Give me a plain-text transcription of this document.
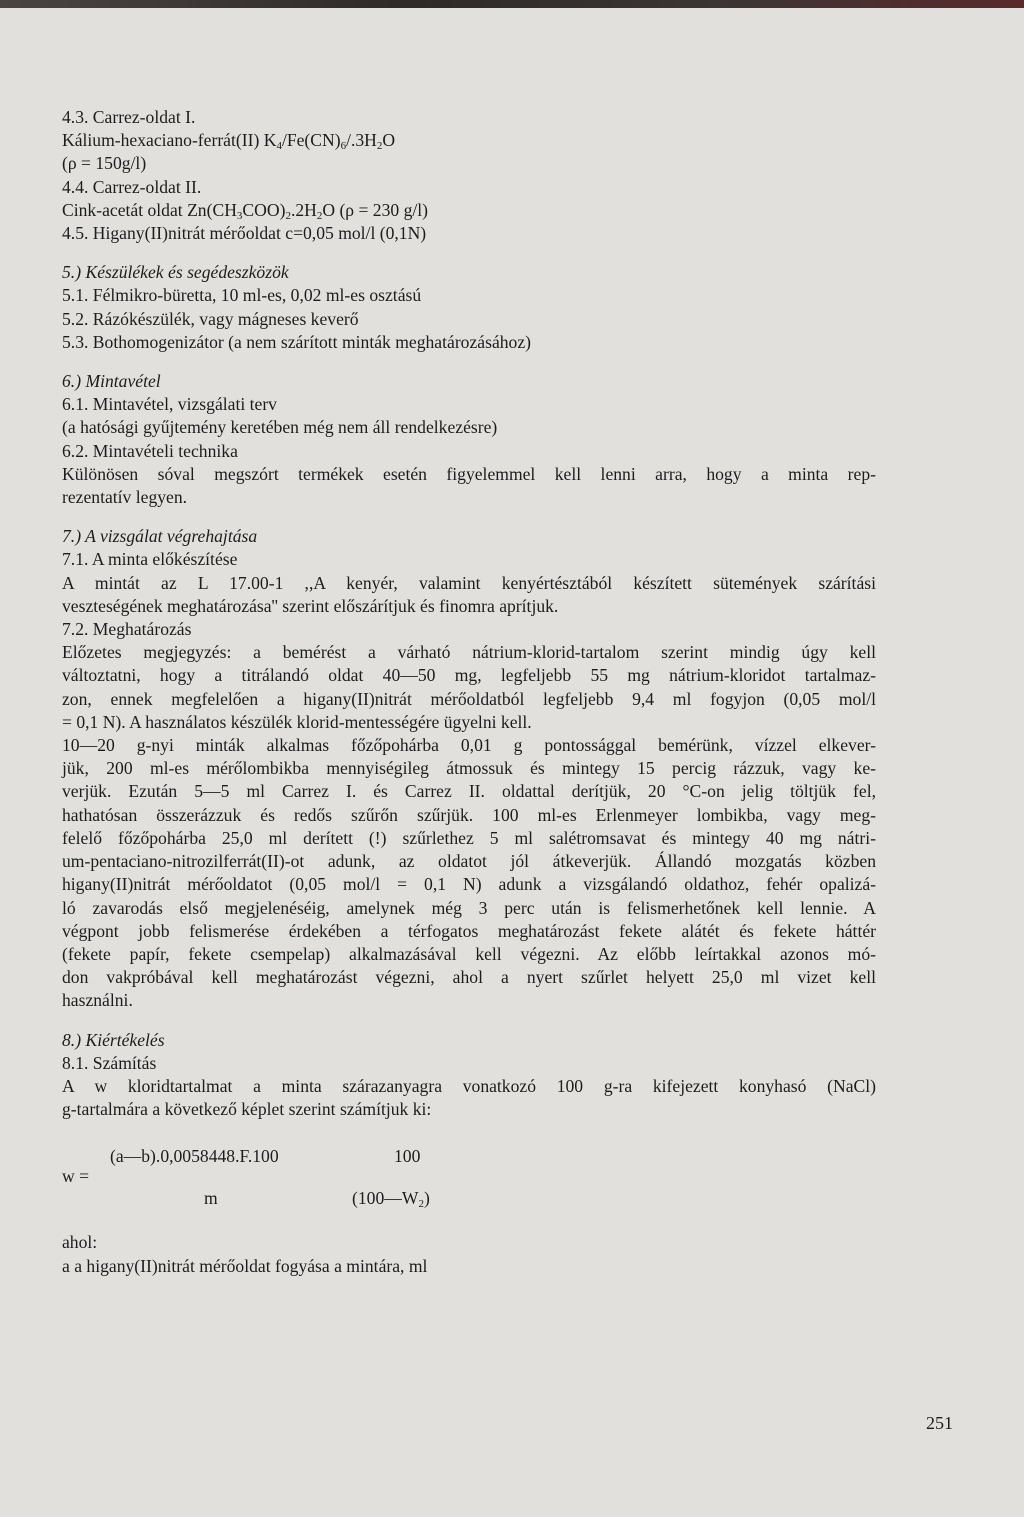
4.3. Carrez-oldat I.
Kálium-hexaciano-ferrát(II) $K_4/Fe(CN)_6/.3H_2O$
(ρ = 150g/l)
4.4. Carrez-oldat II.
Cink-acetát oldat $Zn(CH_3COO)_2.2H_2O$ (ρ = 230 g/l)
4.5. Higany(II)nitrát mérőoldat c=0,05 mol/l (0,1N)
5.) Készülékek és segédeszközök
5.1. Félmikro-büretta, 10 ml-es, 0,02 ml-es osztású
5.2. Rázókészülék, vagy mágneses keverő
5.3. Bothomogenizátor (a nem szárított minták meghatározásához)
6.) Mintavétel
6.1. Mintavétel, vizsgálati terv
(a hatósági gyűjtemény keretében még nem áll rendelkezésre)
6.2. Mintavételi technika
Különösen sóval megszórt termékek esetén figyelemmel kell lenni arra, hogy a minta rep-
rezentatív legyen.
7.) A vizsgálat végrehajtása
7.1. A minta előkészítése
A mintát az L 17.00-1 ,,A kenyér, valamint kenyértésztából készített sütemények szárítási
veszteségének meghatározása'' szerint előszárítjuk és finomra aprítjuk.
7.2. Meghatározás
Előzetes megjegyzés: a bemérést a várható nátrium-klorid-tartalom szerint mindig úgy kell
változtatni, hogy a titrálandó oldat 40—50 mg, legfeljebb 55 mg nátrium-kloridot tartalmaz-
zon, ennek megfelelően a higany(II)nitrát mérőoldatból legfeljebb 9,4 ml fogyjon (0,05 mol/l
= 0,1 N). A használatos készülék klorid-mentességére ügyelni kell.
10—20 g-nyi minták alkalmas főzőpohárba 0,01 g pontossággal bemérünk, vízzel elkever-
jük, 200 ml-es mérőlombikba mennyiségileg átmossuk és mintegy 15 percig rázzuk, vagy ke-
verjük. Ezután 5—5 ml Carrez I. és Carrez II. oldattal derítjük, 20 °C-on jelig töltjük fel,
hathatósan összerázzuk és redős szűrőn szűrjük. 100 ml-es Erlenmeyer lombikba, vagy meg-
felelő főzőpohárba 25,0 ml derített (!) szűrlethez 5 ml salétromsavat és mintegy 40 mg nátri-
um-pentaciano-nitrozilferrát(II)-ot adunk, az oldatot jól átkeverjük. Állandó mozgatás közben
higany(II)nitrát mérőoldatot (0,05 mol/l = 0,1 N) adunk a vizsgálandó oldathoz, fehér opalizá-
ló zavarodás első megjelenéséig, amelynek még 3 perc után is felismerhetőnek kell lennie. A
végpont jobb felismerése érdekében a térfogatos meghatározást fekete alátét és fekete háttér
(fekete papír, fekete csempelap) alkalmazásával kell végezni. Az előbb leírtakkal azonos mó-
don vakpróbával kell meghatározást végezni, ahol a nyert szűrlet helyett 25,0 ml vizet kell
használni.
8.) Kiértékelés
8.1. Számítás
A w kloridtartalmat a minta szárazanyagra vonatkozó 100 g-ra kifejezett konyhasó (NaCl)
g-tartalmára a következő képlet szerint számítjuk ki:
w =
(a—b).0,0058448.F.100	100
m	$(100—W_2)$
ahol:
a a higany(II)nitrát mérőoldat fogyása a mintára, ml
251
